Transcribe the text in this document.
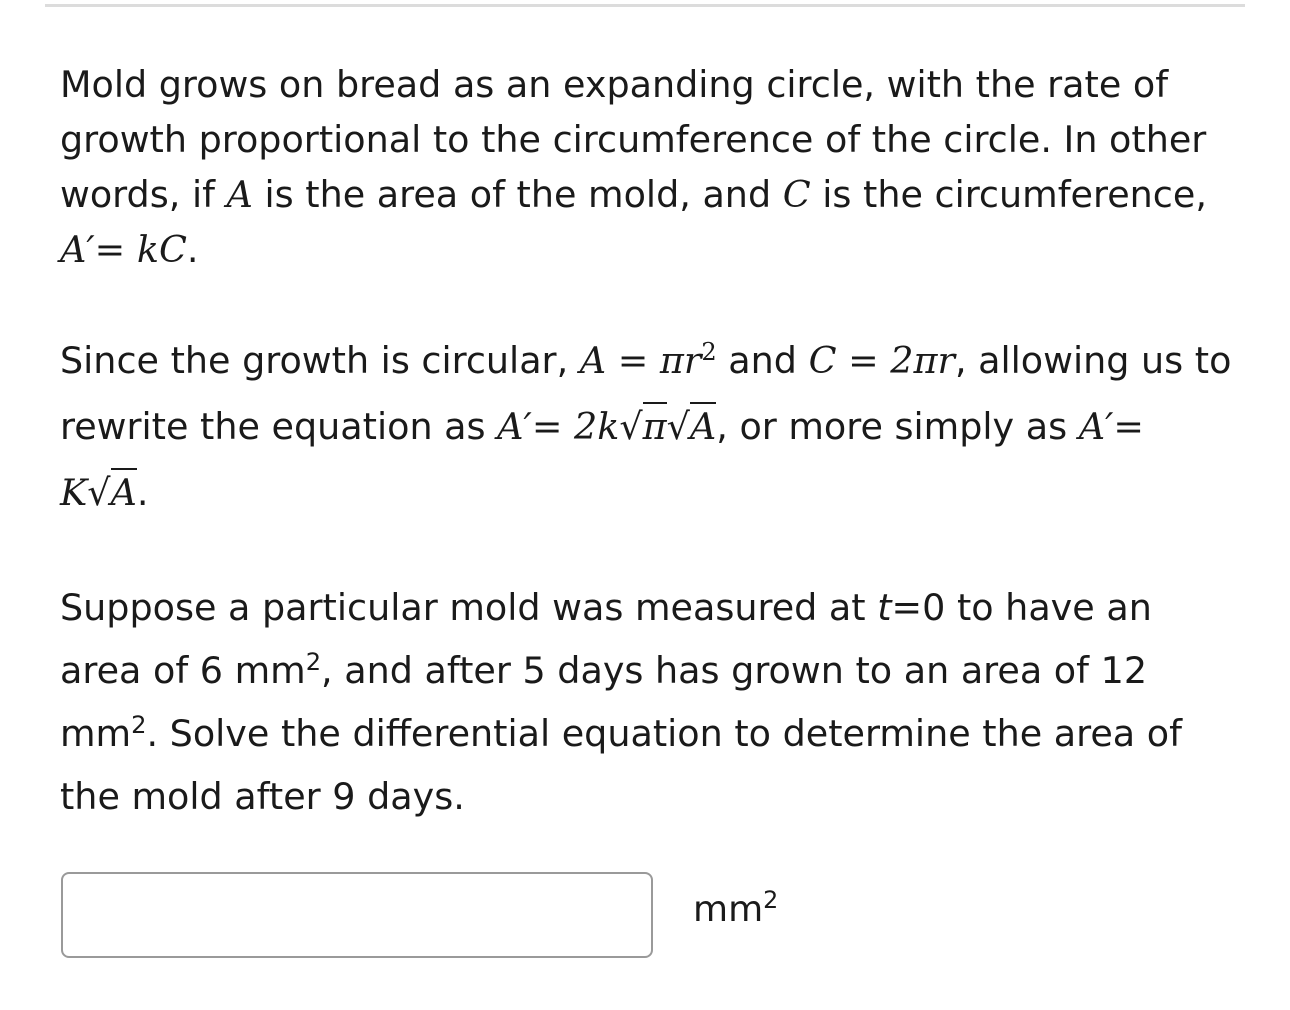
Mold grows on bread as an expanding circle, with the rate of growth proportional to the circumference of the circle. In other words, if A is the area of the mold, and C is the circumference, A′= kC.

Since the growth is circular, $A = \pi r^2$ and C = 2πr, allowing us to rewrite the equation as A′= 2k√π√A, or more simply as A′= K√A.

Suppose a particular mold was measured at t=0 to have an area of 6 $mm^2$, and after 5 days has grown to an area of 12 $mm^2$. Solve the differential equation to determine the area of the mold after 9 days.

$mm^2$
